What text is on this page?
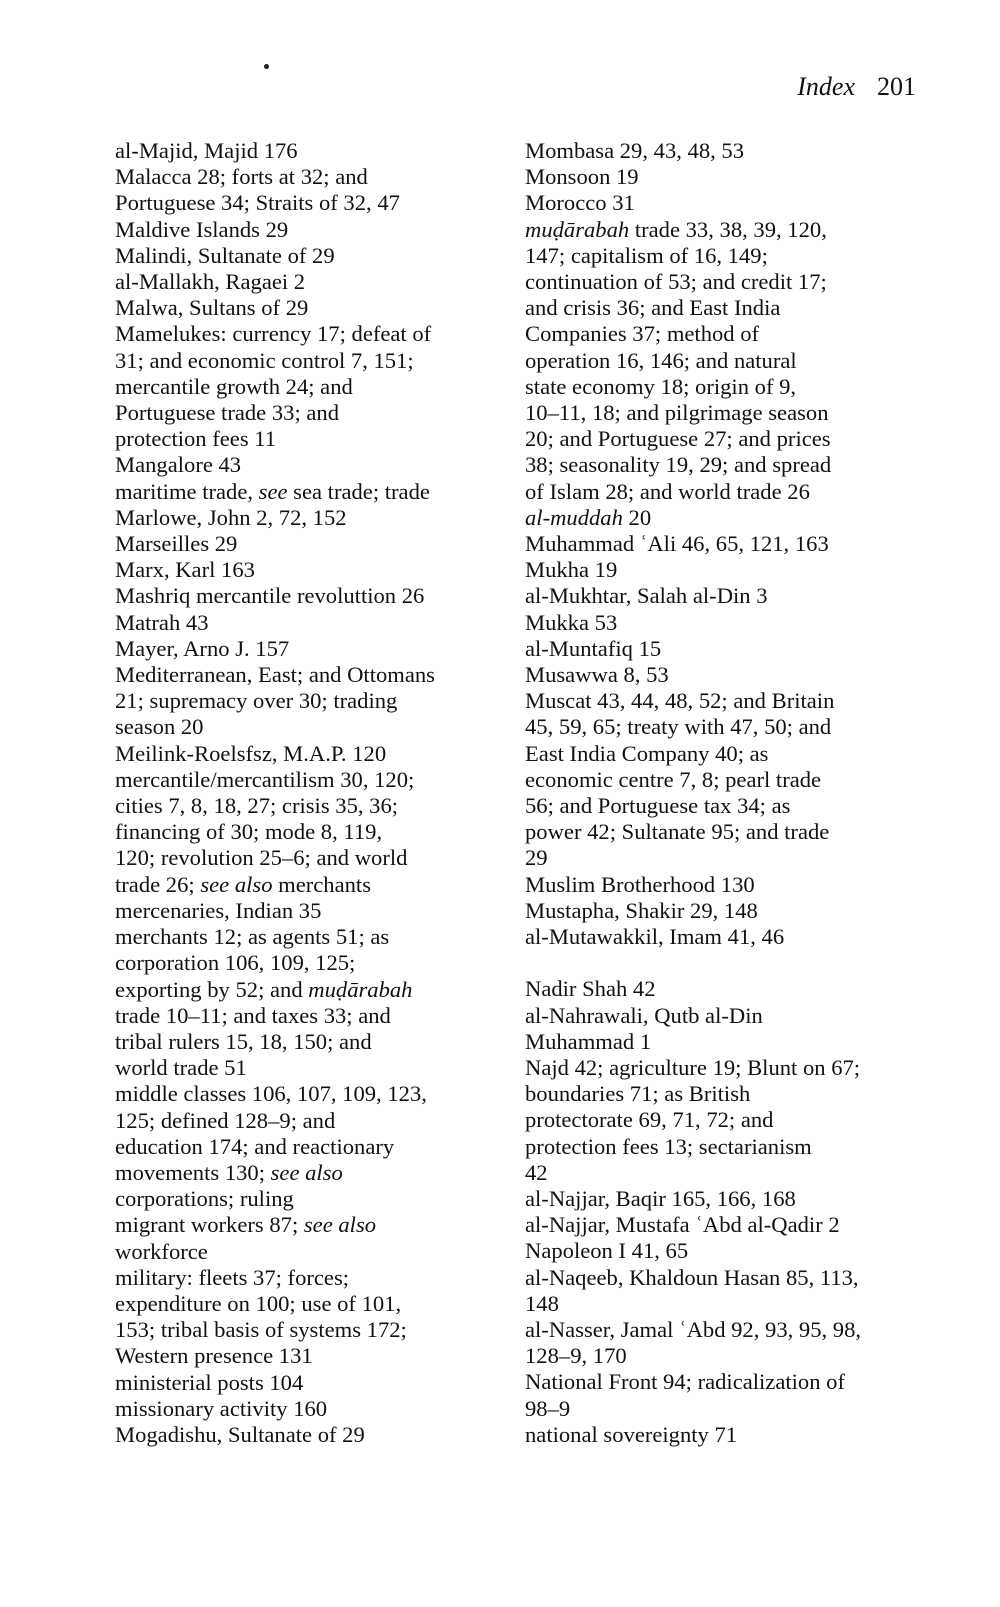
Index 201
al-Majid, Majid 176
Malacca 28; forts at 32; and
Portuguese 34; Straits of 32, 47
Maldive Islands 29
Malindi, Sultanate of 29
al-Mallakh, Ragaei 2
Malwa, Sultans of 29
Mamelukes: currency 17; defeat of
31; and economic control 7, 151;
mercantile growth 24; and
Portuguese trade 33; and
protection fees 11
Mangalore 43
maritime trade, see sea trade; trade
Marlowe, John 2, 72, 152
Marseilles 29
Marx, Karl 163
Mashriq mercantile revoluttion 26
Matrah 43
Mayer, Arno J. 157
Mediterranean, East; and Ottomans
21; supremacy over 30; trading
season 20
Meilink-Roelsfsz, M.A.P. 120
mercantile/mercantilism 30, 120;
cities 7, 8, 18, 27; crisis 35, 36;
financing of 30; mode 8, 119,
120; revolution 25–6; and world
trade 26; see also merchants
mercenaries, Indian 35
merchants 12; as agents 51; as
corporation 106, 109, 125;
exporting by 52; and muḍārabah
trade 10–11; and taxes 33; and
tribal rulers 15, 18, 150; and
world trade 51
middle classes 106, 107, 109, 123,
125; defined 128–9; and
education 174; and reactionary
movements 130; see also
corporations; ruling
migrant workers 87; see also
workforce
military: fleets 37; forces;
expenditure on 100; use of 101,
153; tribal basis of systems 172;
Western presence 131
ministerial posts 104
missionary activity 160
Mogadishu, Sultanate of 29
Mombasa 29, 43, 48, 53
Monsoon 19
Morocco 31
muḍārabah trade 33, 38, 39, 120,
147; capitalism of 16, 149;
continuation of 53; and credit 17;
and crisis 36; and East India
Companies 37; method of
operation 16, 146; and natural
state economy 18; origin of 9,
10–11, 18; and pilgrimage season
20; and Portuguese 27; and prices
38; seasonality 19, 29; and spread
of Islam 28; and world trade 26
al-muddah 20
Muhammad ʿAli 46, 65, 121, 163
Mukha 19
al-Mukhtar, Salah al-Din 3
Mukka 53
al-Muntafiq 15
Musawwa 8, 53
Muscat 43, 44, 48, 52; and Britain
45, 59, 65; treaty with 47, 50; and
East India Company 40; as
economic centre 7, 8; pearl trade
56; and Portuguese tax 34; as
power 42; Sultanate 95; and trade
29
Muslim Brotherhood 130
Mustapha, Shakir 29, 148
al-Mutawakkil, Imam 41, 46
Nadir Shah 42
al-Nahrawali, Qutb al-Din
Muhammad 1
Najd 42; agriculture 19; Blunt on 67;
boundaries 71; as British
protectorate 69, 71, 72; and
protection fees 13; sectarianism
42
al-Najjar, Baqir 165, 166, 168
al-Najjar, Mustafa ʿAbd al-Qadir 2
Napoleon I 41, 65
al-Naqeeb, Khaldoun Hasan 85, 113,
148
al-Nasser, Jamal ʿAbd 92, 93, 95, 98,
128–9, 170
National Front 94; radicalization of
98–9
national sovereignty 71
